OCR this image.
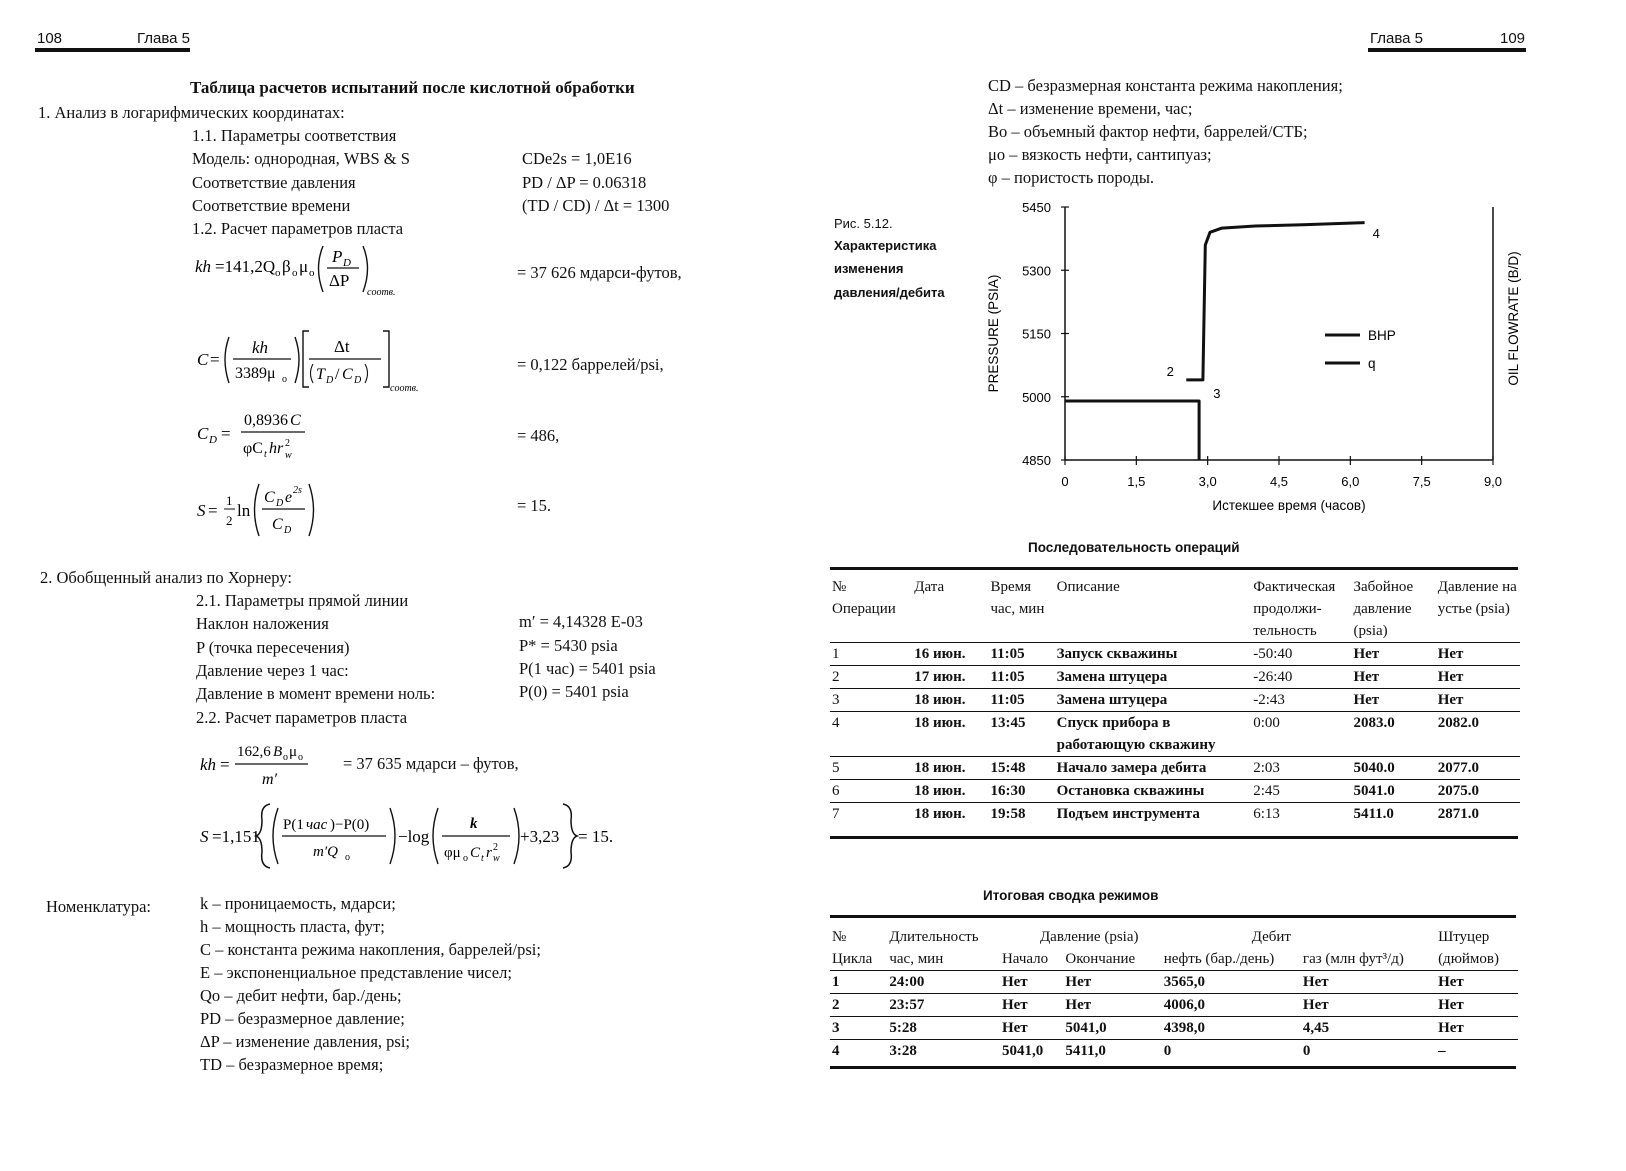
108	Глава 5
Таблица расчетов испытаний после кислотной обработки
1. Анализ в логарифмических координатах:
1.1. Параметры соответствия
Модель: однородная, WBS & S	CDe2s = 1,0E16
Соответствие давления	PD / ΔP = 0.06318
Соответствие времени	(TD / CD) / Δt = 1300
1.2. Расчет параметров пласта
kh =141,2Q o β o μ o
P D
ΔP
coomв.
= 37 626 мдарси-футов,
C =
kh
3389μ o
Δt
T D / C D
coomв.
= 0,122 баррелей/psi,
C D =
0,8936 C
φC t hr w
2	= 486,
S =
1
2
ln
C D e 2s
C D
= 15.
2. Обобщенный анализ по Хорнеру:
2.1. Параметры прямой линии
Наклон наложения	m′ = 4,14328 E-03
P (точка пересечения)	P* = 5430 psia
Давление через 1 час:	P(1 час) = 5401 psia
Давление в момент времени ноль:	P(0) = 5401 psia
2.2. Расчет параметров пласта
kh =
162,6 B o μ o
m′
= 37 635 мдарси – футов,
S =1,151
P(1 час )−P(0)
m′Q o
−log
k
φμ o C t r w
2
+3,23 = 15.
Номенклатура:	k – проницаемость, мдарси;
h – мощность пласта, фут;
C – константа режима накопления, баррелей/psi;
E – экспоненциальное представление чисел;
Qo – дебит нефти, бар./день;
PD – безразмерное давление;
ΔP – изменение давления, psi;
TD – безразмерное время;
Глава 5	109
CD – безразмерная константа режима накопления;
Δt – изменение времени, час;
Bo – объемный фактор нефти, баррелей/СТБ;
μo – вязкость нефти, сантипуаз;
φ – пористость породы.
Рис. 5.12.
Характеристика
изменения
давления/дебита
4850
5000
5150
5300
5450
0	1,5	3,0	4,5	6,0	7,5	9,0
Истекшее время (часов)
PRESSURE (PSIA)	OIL FLOWRATE (B/D)
2
3
4
BHP
q
Последовательность операций
№ Операции	Дата	Время час, мин	Описание	Фактическая продолжи- тельность	Забойное давление (psia)	Давление на устье (psia)
1	16 июн.	11:05	Запуск скважины	-50:40	Нет	Нет
2	17 июн.	11:05	Замена штуцера	-26:40	Нет	Нет
3	18 июн.	11:05	Замена штуцера	-2:43	Нет	Нет
4	18 июн.	13:45	Спуск прибора в работающую скважину	0:00	2083.0	2082.0
5	18 июн.	15:48	Начало замера дебита	2:03	5040.0	2077.0
6	18 июн.	16:30	Остановка скважины	2:45	5041.0	2075.0
7	18 июн.	19:58	Подъем инструмента	6:13	5411.0	2871.0
Итоговая сводка режимов
№	Длительность	Давление (psia)		Дебит		Штуцер
Цикла	час, мин	Начало	Окончание	нефть (бар./день)	газ (млн фут³/д)	(дюймов)
1	24:00	Нет	Нет	3565,0	Нет	Нет
2	23:57	Нет	Нет	4006,0	Нет	Нет
3	5:28	Нет	5041,0	4398,0	4,45	Нет
4	3:28	5041,0	5411,0	0	0	–
